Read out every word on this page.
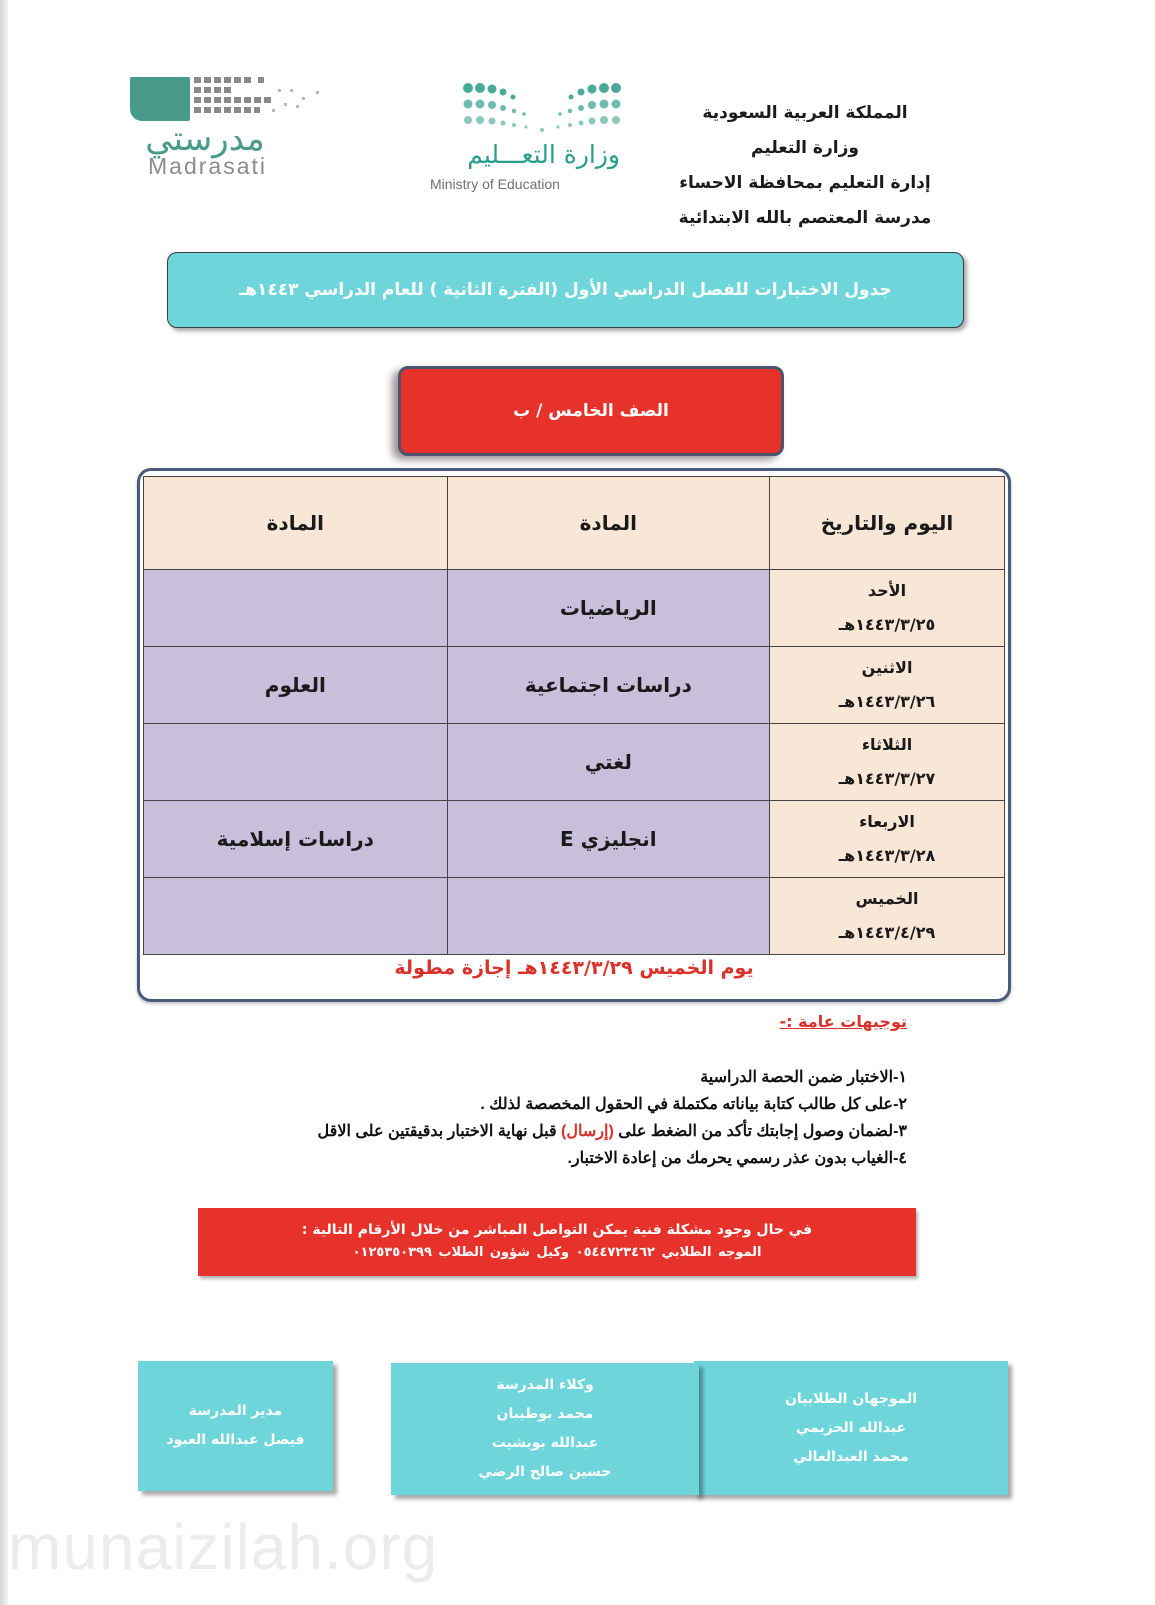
المملكة العربية السعودية
وزارة التعليم
إدارة التعليم بمحافظة الاحساء
مدرسة المعتصم بالله الابتدائية
وزارة التعـــليم
Ministry of Education
مدرستي
Madrasati
جدول الاختبارات للفصل الدراسي الأول (الفترة الثانية ) للعام الدراسي ١٤٤٣هـ
الصف الخامس / ب
اليوم والتاريخ	المادة	المادة

الأحد
١٤٤٣/٣/٢٥هـ	الرياضيات	

الاثنين
١٤٤٣/٣/٢٦هـ	دراسات اجتماعية	العلوم

الثلاثاء
١٤٤٣/٣/٢٧هـ	لغتي	

الاربعاء
١٤٤٣/٣/٢٨هـ	انجليزي E	دراسات إسلامية

الخميس
١٤٤٣/٤/٢٩هـ		

يوم الخميس ١٤٤٣/٣/٢٩هـ إجازة مطولة
توجيهات عامة :-
١-الاختبار ضمن الحصة الدراسية
٢-على كل طالب كتابة بياناته مكتملة في الحقول المخصصة لذلك .
٣-لضمان وصول إجابتك تأكد من الضغط على (إرسال) قبل نهاية الاختبار بدقيقتين على الاقل
٤-الغياب بدون عذر رسمي يحرمك من إعادة الاختبار.
في حال وجود مشكلة فنية يمكن التواصل المباشر من خلال الأرقام التالية :
الموجه الطلابي ٠٥٤٤٧٢٣٤٦٢ وكيل شؤون الطلاب ٠١٢٥٣٥٠٣٩٩
الموجهان الطلابيان
عبدالله الحزيمي
محمد العبدالعالي
وكلاء المدرسة
محمد بوطيبان
عبدالله بوبشيت
حسين صالح الرضي
مدير المدرسة
فيصل عبدالله العبود
munaizilah.org
